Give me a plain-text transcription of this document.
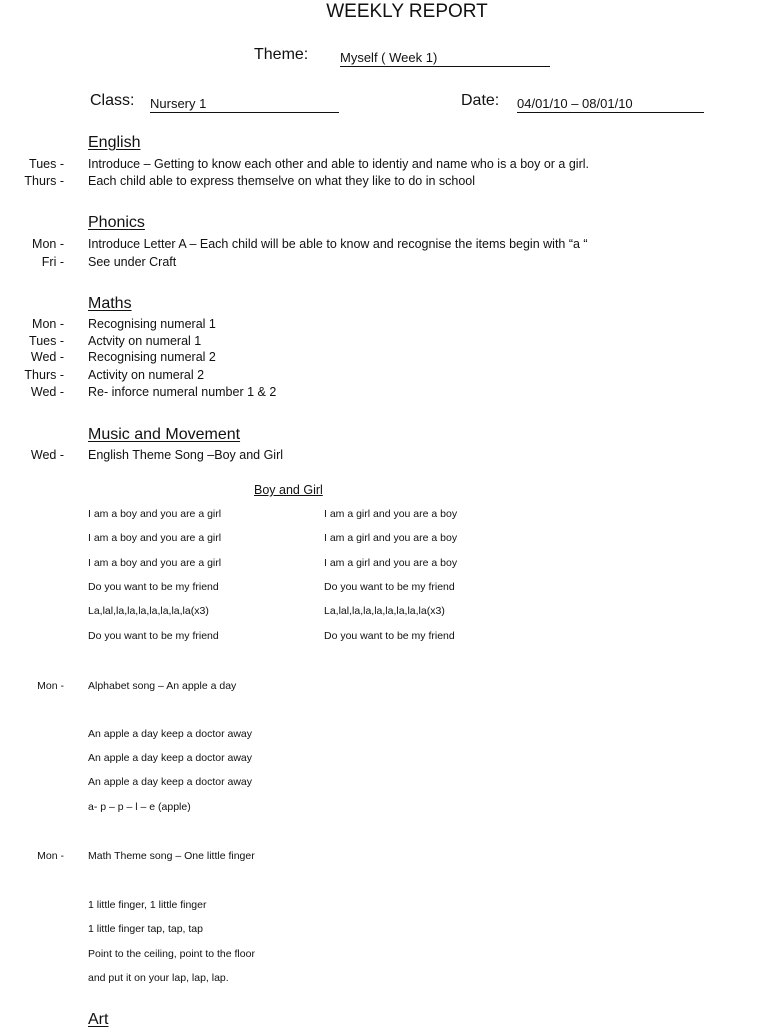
WEEKLY REPORT
Theme: Myself ( Week 1)
Class: Nursery 1	Date: 04/01/10 – 08/01/10
English
Tues - Introduce – Getting to know each other and able to identiy and name who is a boy or a girl.
Thurs - Each child able to express themselve on what they like to do in school
Phonics
Mon - Introduce Letter A – Each child will be able to know and recognise the items begin with “a “
Fri - See under Craft
Maths
Mon - Recognising numeral 1
Tues - Actvity on numeral 1
Wed - Recognising numeral 2
Thurs - Activity on numeral 2
Wed - Re- inforce numeral number 1 & 2
Music and Movement
Wed - English Theme Song –Boy and Girl
Boy and Girl
I am a boy and you are a girl
I am a boy and you are a girl
I am a boy and you are a girl
Do you want to be my friend
La,lal,la,la,la,la,la,la,la(x3)
Do you want to be my friend
I am a girl and you are a boy
I am a girl and you are a boy
I am a girl and you are a boy
Do you want to be my friend
La,lal,la,la,la,la,la,la,la(x3)
Do you want to be my friend
Mon - Alphabet song – An apple a day
An apple a day keep a doctor away
An apple a day keep a doctor away
An apple a day keep a doctor away
a- p – p – l – e (apple)
Mon - Math Theme song – One little finger
1 little finger, 1 little finger
1 little finger tap, tap, tap
Point to the ceiling, point to the floor
and put it on your lap, lap, lap.
Art
